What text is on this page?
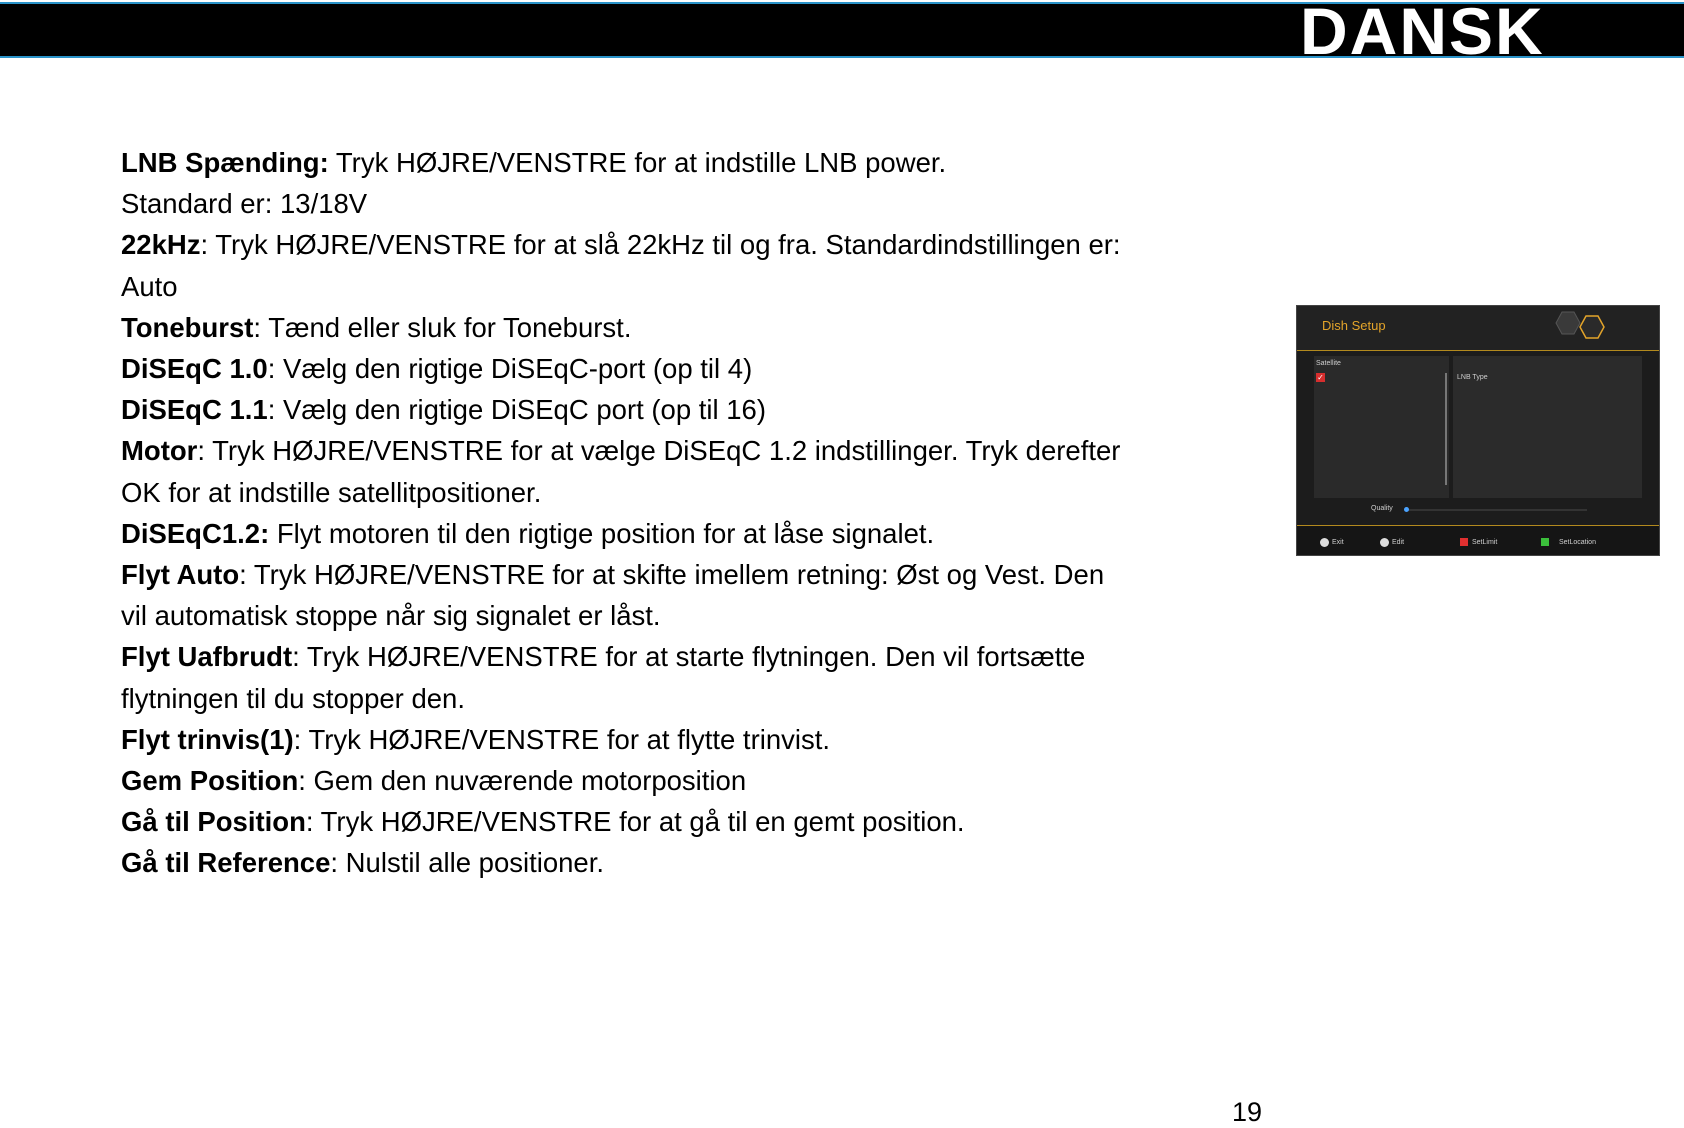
DANSK

LNB Spænding: Tryk HØJRE/VENSTRE for at indstille LNB power.

Standard er: 13/18V

22kHz: Tryk HØJRE/VENSTRE for at slå 22kHz til og fra. Standardindstillingen er:

Auto

Toneburst: Tænd eller sluk for Toneburst.

DiSEqC 1.0: Vælg den rigtige DiSEqC-port (op til 4)

DiSEqC 1.1: Vælg den rigtige DiSEqC port (op til 16)

Motor: Tryk HØJRE/VENSTRE for at vælge DiSEqC 1.2 indstillinger. Tryk derefter

OK for at indstille satellitpositioner.

DiSEqC1.2: Flyt motoren til den rigtige position for at låse signalet.

Flyt Auto: Tryk HØJRE/VENSTRE for at skifte imellem retning: Øst og Vest. Den

vil automatisk stoppe når sig signalet er låst.

Flyt Uafbrudt: Tryk HØJRE/VENSTRE for at starte flytningen. Den vil fortsætte

flytningen til du stopper den.

Flyt trinvis(1): Tryk HØJRE/VENSTRE for at flytte trinvist.

Gem Position: Gem den nuværende motorposition

Gå til Position: Tryk HØJRE/VENSTRE for at gå til en gemt position.

Gå til Reference: Nulstil alle positioner.

Dish Setup
Satellite
✓	LNB Type
Quality
Exit	Edit	SetLimit	SetLocation
19
